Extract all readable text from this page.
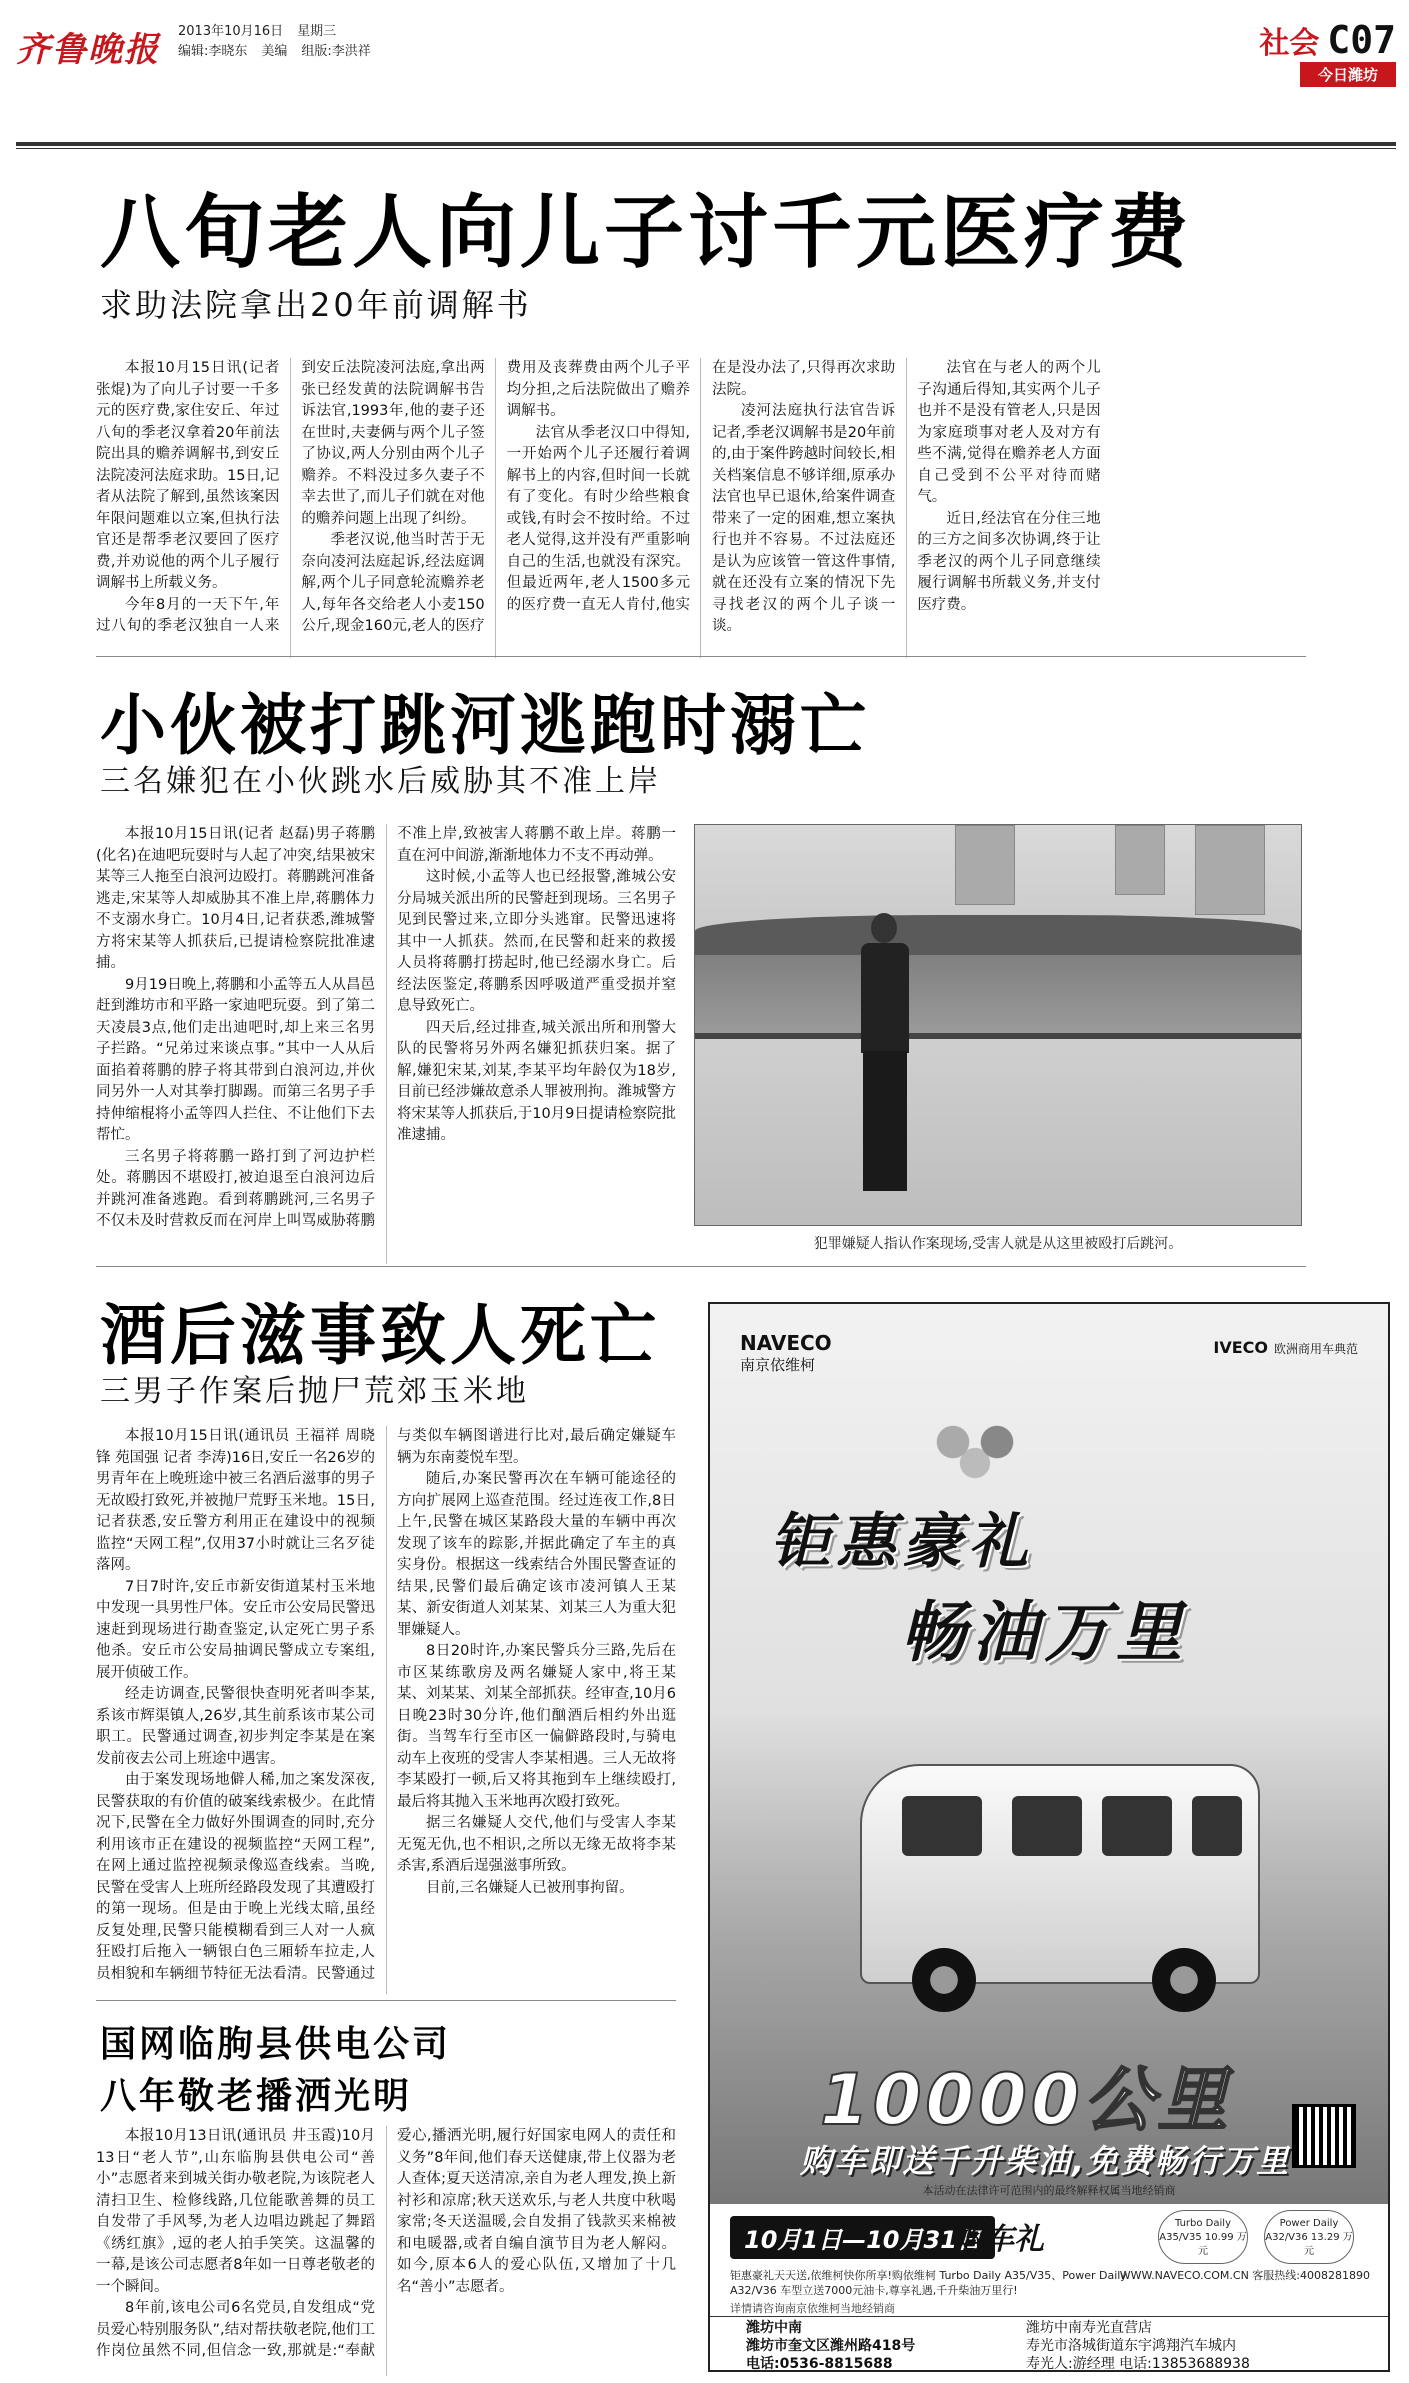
齐鲁晚报 2013年10月16日 星期三
编辑:李晓东 美编 组版:李洪祥	社会 C07
今日潍坊
八旬老人向儿子讨千元医疗费
求助法院拿出20年前调解书

本报10月15日讯(记者 张焜)为了向儿子讨要一千多元的医疗费,家住安丘、年过八旬的季老汉拿着20年前法院出具的赡养调解书,到安丘法院凌河法庭求助。15日,记者从法院了解到,虽然该案因年限问题难以立案,但执行法官还是帮季老汉要回了医疗费,并劝说他的两个儿子履行调解书上所载义务。

今年8月的一天下午,年过八旬的季老汉独自一人来到安丘法院凌河法庭,拿出两张已经发黄的法院调解书告诉法官,1993年,他的妻子还在世时,夫妻俩与两个儿子签了协议,两人分别由两个儿子赡养。不料没过多久妻子不幸去世了,而儿子们就在对他的赡养问题上出现了纠纷。

季老汉说,他当时苦于无奈向凌河法庭起诉,经法庭调解,两个儿子同意轮流赡养老人,每年各交给老人小麦150公斤,现金160元,老人的医疗费用及丧葬费由两个儿子平均分担,之后法院做出了赡养调解书。

法官从季老汉口中得知,一开始两个儿子还履行着调解书上的内容,但时间一长就有了变化。有时少给些粮食或钱,有时会不按时给。不过老人觉得,这并没有严重影响自己的生活,也就没有深究。但最近两年,老人1500多元的医疗费一直无人肯付,他实在是没办法了,只得再次求助法院。

凌河法庭执行法官告诉记者,季老汉调解书是20年前的,由于案件跨越时间较长,相关档案信息不够详细,原承办法官也早已退休,给案件调查带来了一定的困难,想立案执行也并不容易。不过法庭还是认为应该管一管这件事情,就在还没有立案的情况下先寻找老汉的两个儿子谈一谈。

法官在与老人的两个儿子沟通后得知,其实两个儿子也并不是没有管老人,只是因为家庭琐事对老人及对方有些不满,觉得在赡养老人方面自己受到不公平对待而赌气。

近日,经法官在分住三地的三方之间多次协调,终于让季老汉的两个儿子同意继续履行调解书所载义务,并支付医疗费。

小伙被打跳河逃跑时溺亡
三名嫌犯在小伙跳水后威胁其不准上岸

本报10月15日讯(记者 赵磊)男子蒋鹏(化名)在迪吧玩耍时与人起了冲突,结果被宋某等三人拖至白浪河边殴打。蒋鹏跳河准备逃走,宋某等人却威胁其不准上岸,蒋鹏体力不支溺水身亡。10月4日,记者获悉,潍城警方将宋某等人抓获后,已提请检察院批准逮捕。

9月19日晚上,蒋鹏和小孟等五人从昌邑赶到潍坊市和平路一家迪吧玩耍。到了第二天凌晨3点,他们走出迪吧时,却上来三名男子拦路。“兄弟过来谈点事。”其中一人从后面掐着蒋鹏的脖子将其带到白浪河边,并伙同另外一人对其拳打脚踢。而第三名男子手持伸缩棍将小孟等四人拦住、不让他们下去帮忙。

三名男子将蒋鹏一路打到了河边护栏处。蒋鹏因不堪殴打,被迫退至白浪河边后并跳河准备逃跑。看到蒋鹏跳河,三名男子不仅未及时营救反而在河岸上叫骂威胁蒋鹏不准上岸,致被害人蒋鹏不敢上岸。蒋鹏一直在河中间游,渐渐地体力不支不再动弹。

这时候,小孟等人也已经报警,潍城公安分局城关派出所的民警赶到现场。三名男子见到民警过来,立即分头逃窜。民警迅速将其中一人抓获。然而,在民警和赶来的救援人员将蒋鹏打捞起时,他已经溺水身亡。后经法医鉴定,蒋鹏系因呼吸道严重受损并窒息导致死亡。

四天后,经过排查,城关派出所和刑警大队的民警将另外两名嫌犯抓获归案。据了解,嫌犯宋某,刘某,李某平均年龄仅为18岁,目前已经涉嫌故意杀人罪被刑拘。潍城警方将宋某等人抓获后,于10月9日提请检察院批准逮捕。

犯罪嫌疑人指认作案现场,受害人就是从这里被殴打后跳河。
酒后滋事致人死亡
三男子作案后抛尸荒郊玉米地

本报10月15日讯(通讯员 王福祥 周晓锋 苑国强 记者 李涛)16日,安丘一名26岁的男青年在上晚班途中被三名酒后滋事的男子无故殴打致死,并被抛尸荒野玉米地。15日,记者获悉,安丘警方利用正在建设中的视频监控“天网工程”,仅用37小时就让三名歹徒落网。

7日7时许,安丘市新安街道某村玉米地中发现一具男性尸体。安丘市公安局民警迅速赶到现场进行勘查鉴定,认定死亡男子系他杀。安丘市公安局抽调民警成立专案组,展开侦破工作。

经走访调查,民警很快查明死者叫李某,系该市辉渠镇人,26岁,其生前系该市某公司职工。民警通过调查,初步判定李某是在案发前夜去公司上班途中遇害。

由于案发现场地僻人稀,加之案发深夜,民警获取的有价值的破案线索极少。在此情况下,民警在全力做好外围调查的同时,充分利用该市正在建设的视频监控“天网工程”,在网上通过监控视频录像巡查线索。当晚,民警在受害人上班所经路段发现了其遭殴打的第一现场。但是由于晚上光线太暗,虽经反复处理,民警只能模糊看到三人对一人疯狂殴打后拖入一辆银白色三厢轿车拉走,人员相貌和车辆细节特征无法看清。民警通过与类似车辆图谱进行比对,最后确定嫌疑车辆为东南菱悦车型。

随后,办案民警再次在车辆可能途径的方向扩展网上巡查范围。经过连夜工作,8日上午,民警在城区某路段大量的车辆中再次发现了该车的踪影,并据此确定了车主的真实身份。根据这一线索结合外围民警查证的结果,民警们最后确定该市凌河镇人王某某、新安街道人刘某某、刘某三人为重大犯罪嫌疑人。

8日20时许,办案民警兵分三路,先后在市区某练歌房及两名嫌疑人家中,将王某某、刘某某、刘某全部抓获。经审查,10月6日晚23时30分许,他们酗酒后相约外出逛街。当驾车行至市区一偏僻路段时,与骑电动车上夜班的受害人李某相遇。三人无故将李某殴打一顿,后又将其拖到车上继续殴打,最后将其抛入玉米地再次殴打致死。

据三名嫌疑人交代,他们与受害人李某无冤无仇,也不相识,之所以无缘无故将李某杀害,系酒后逞强滋事所致。

目前,三名嫌疑人已被刑事拘留。

国网临朐县供电公司
八年敬老播洒光明

本报10月13日讯(通讯员 井玉霞)10月13日“老人节”,山东临朐县供电公司“善小”志愿者来到城关街办敬老院,为该院老人清扫卫生、检修线路,几位能歌善舞的员工自发带了手风琴,为老人边唱边跳起了舞蹈《绣红旗》,逗的老人拍手笑笑。这温馨的一幕,是该公司志愿者8年如一日尊老敬老的一个瞬间。

8年前,该电公司6名党员,自发组成“党员爱心特别服务队”,结对帮扶敬老院,他们工作岗位虽然不同,但信念一致,那就是:“奉献爱心,播洒光明,履行好国家电网人的责任和义务”8年间,他们春天送健康,带上仪器为老人查体;夏天送清凉,亲自为老人理发,换上新衬衫和凉席;秋天送欢乐,与老人共度中秋喝家常;冬天送温暖,会自发捐了钱款买来棉被和电暖器,或者自编自演节目为老人解闷。如今,原本6人的爱心队伍,又增加了十几名“善小”志愿者。

NAVECO
南京依维柯
IVECO 欧洲商用车典范
钜惠豪礼
畅油万里
10000公里
购车即送千升柴油,免费畅行万里
本活动在法律许可范围内的最终解释权属当地经销商
10月1日—10月31日
购车礼	Turbo Daily A35/V35 10.99 万元
Power Daily A32/V36 13.29 万元
钜惠豪礼天天送,依维柯快你所享!购依维柯 Turbo Daily A35/V35、Power Daily A32/V36 车型立送7000元油卡,尊享礼遇,千升柴油万里行!
WWW.NAVECO.COM.CN 客服热线:4008281890
详情请咨询南京依维柯当地经销商
潍坊中南
潍坊市奎文区潍州路418号
电话:0536-8815688
潍坊中南寿光直营店
寿光市洛城街道东宇鸿翔汽车城内
寿光人:游经理 电话:13853688938
